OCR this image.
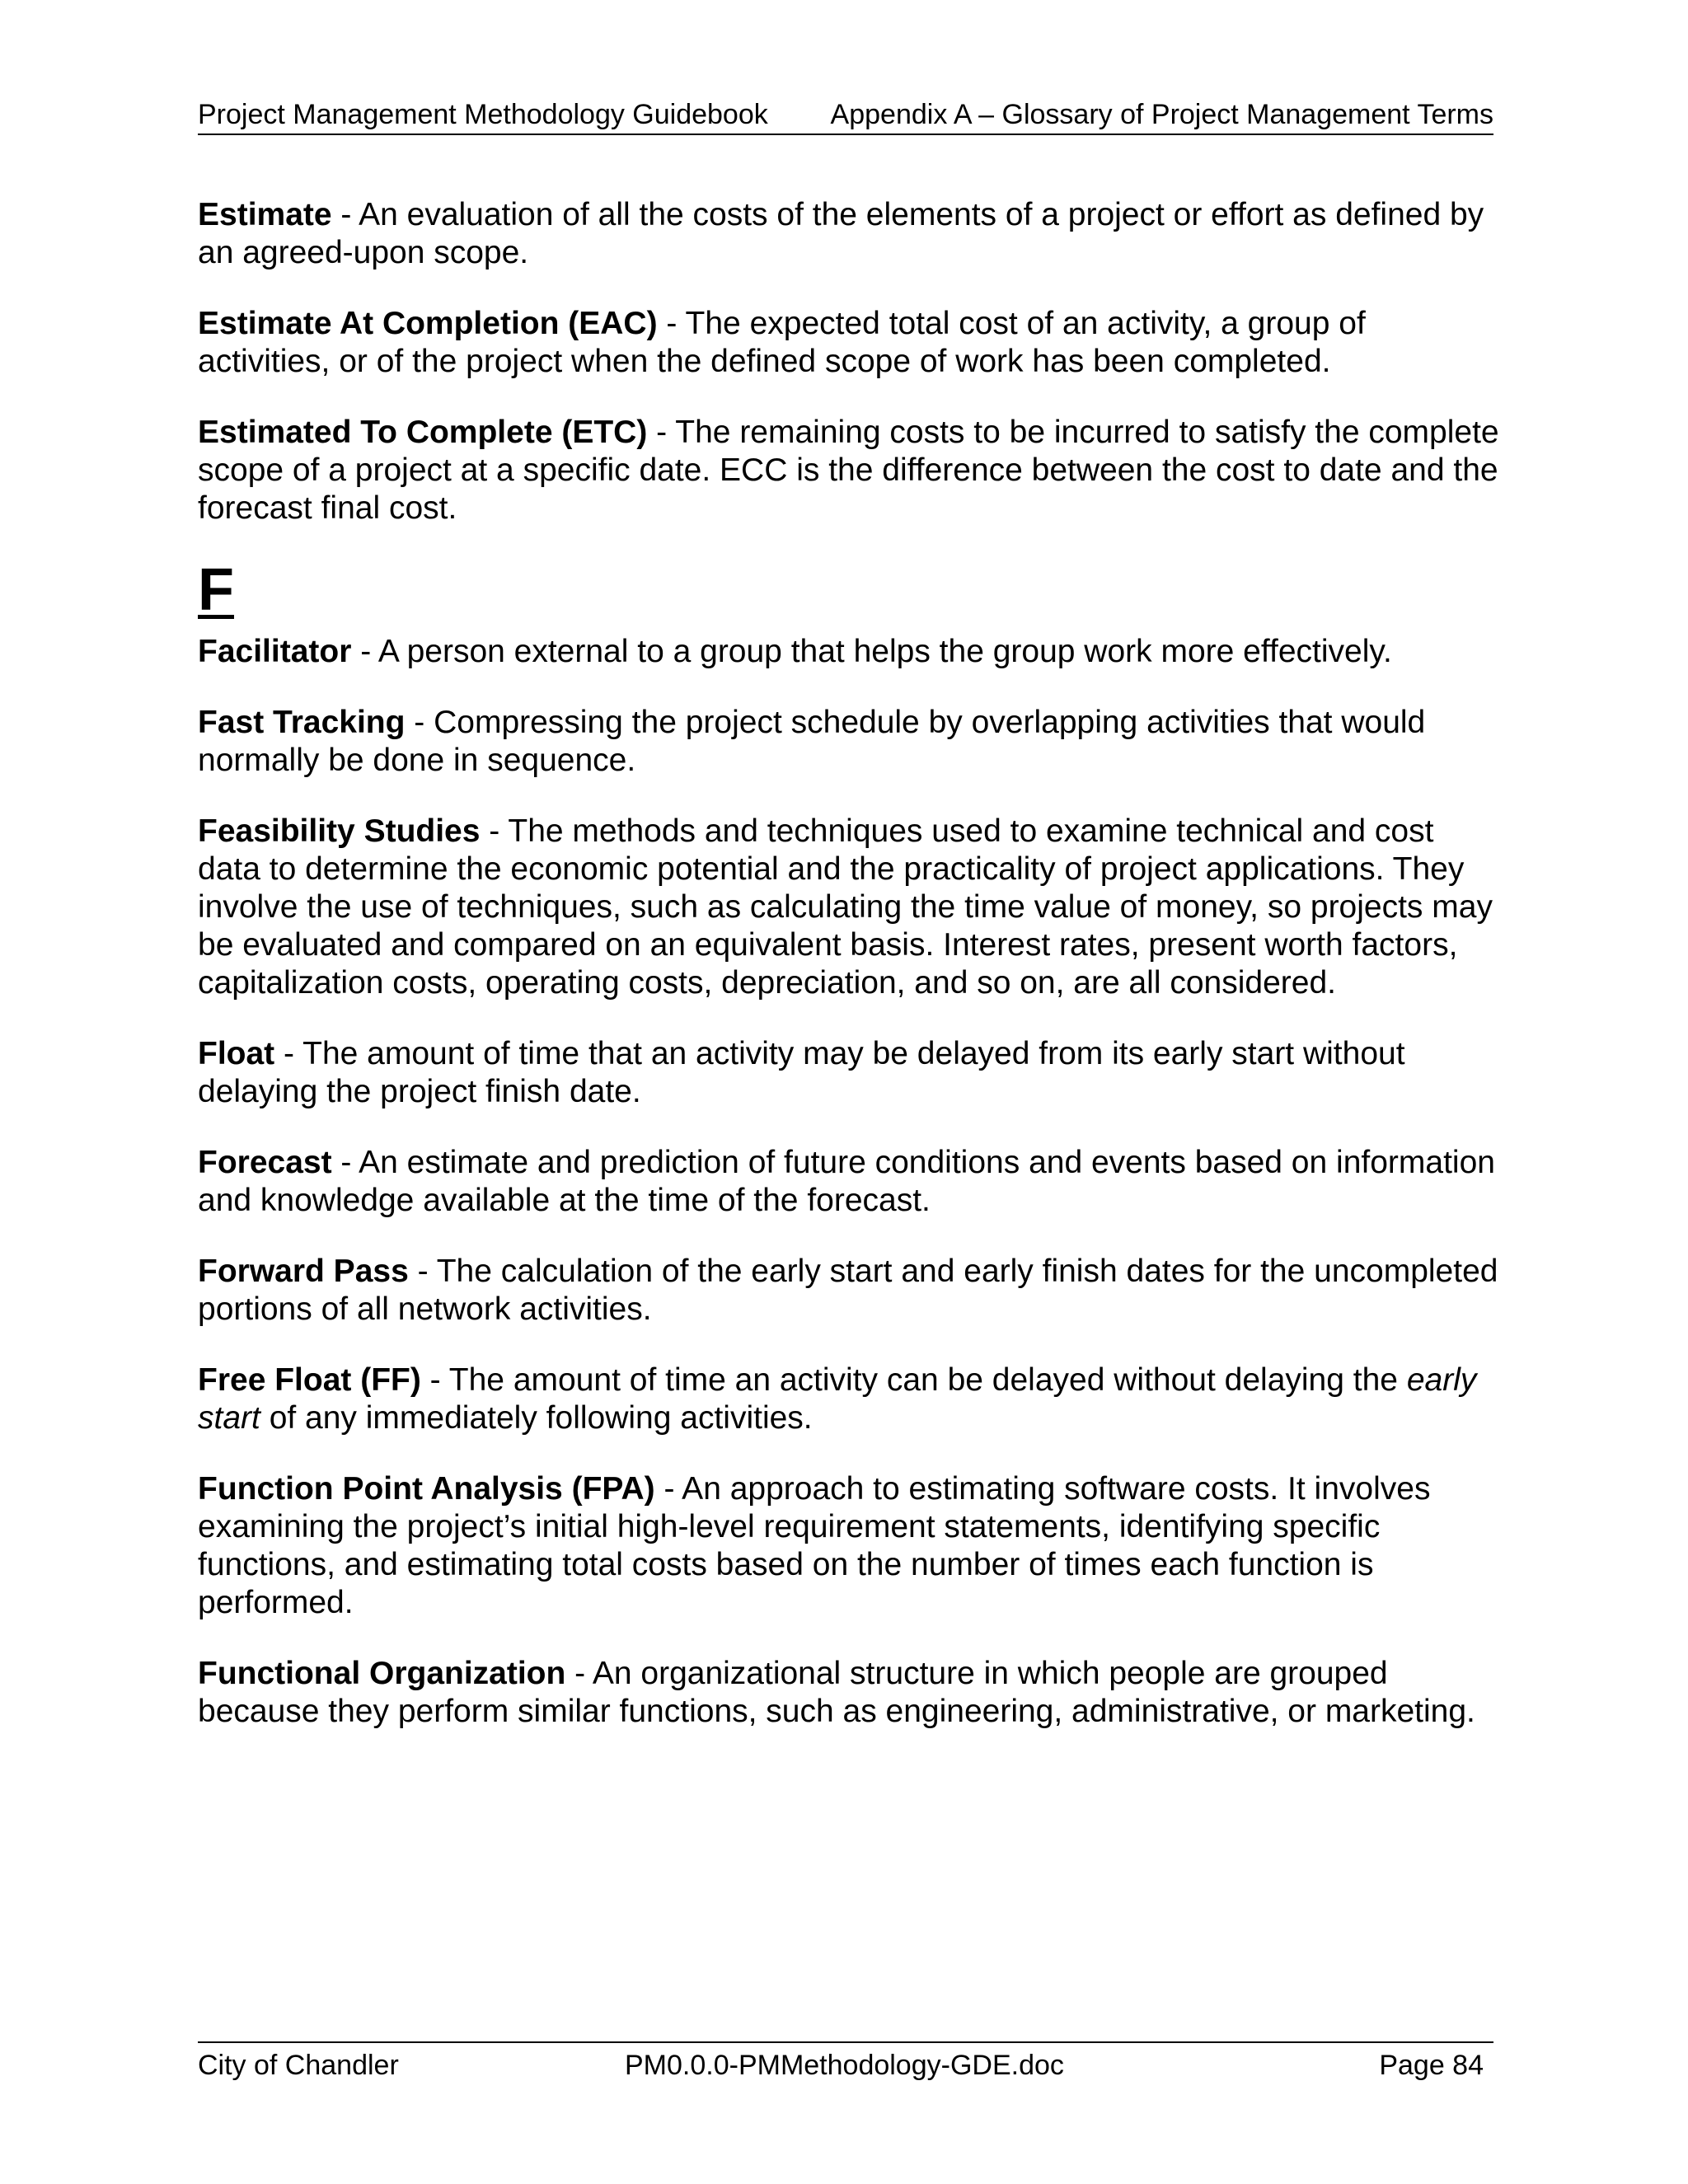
Project Management Methodology Guidebook Appendix A – Glossary of Project Management Terms

Estimate - An evaluation of all the costs of the elements of a project or effort as defined by an agreed-upon scope.

Estimate At Completion (EAC) - The expected total cost of an activity, a group of activities, or of the project when the defined scope of work has been completed.

Estimated To Complete (ETC) - The remaining costs to be incurred to satisfy the complete scope of a project at a specific date. ECC is the difference between the cost to date and the forecast final cost.

F

Facilitator - A person external to a group that helps the group work more effectively.

Fast Tracking - Compressing the project schedule by overlapping activities that would normally be done in sequence.

Feasibility Studies - The methods and techniques used to examine technical and cost data to determine the economic potential and the practicality of project applications. They involve the use of techniques, such as calculating the time value of money, so projects may be evaluated and compared on an equivalent basis. Interest rates, present worth factors, capitalization costs, operating costs, depreciation, and so on, are all considered.

Float - The amount of time that an activity may be delayed from its early start without delaying the project finish date.

Forecast - An estimate and prediction of future conditions and events based on information and knowledge available at the time of the forecast.

Forward Pass - The calculation of the early start and early finish dates for the uncompleted portions of all network activities.

Free Float (FF) - The amount of time an activity can be delayed without delaying the early start of any immediately following activities.

Function Point Analysis (FPA) - An approach to estimating software costs. It involves examining the project’s initial high-level requirement statements, identifying specific functions, and estimating total costs based on the number of times each function is performed.

Functional Organization - An organizational structure in which people are grouped because they perform similar functions, such as engineering, administrative, or marketing.

City of Chandler	PM0.0.0-PMMethodology-GDE.doc	Page 84
